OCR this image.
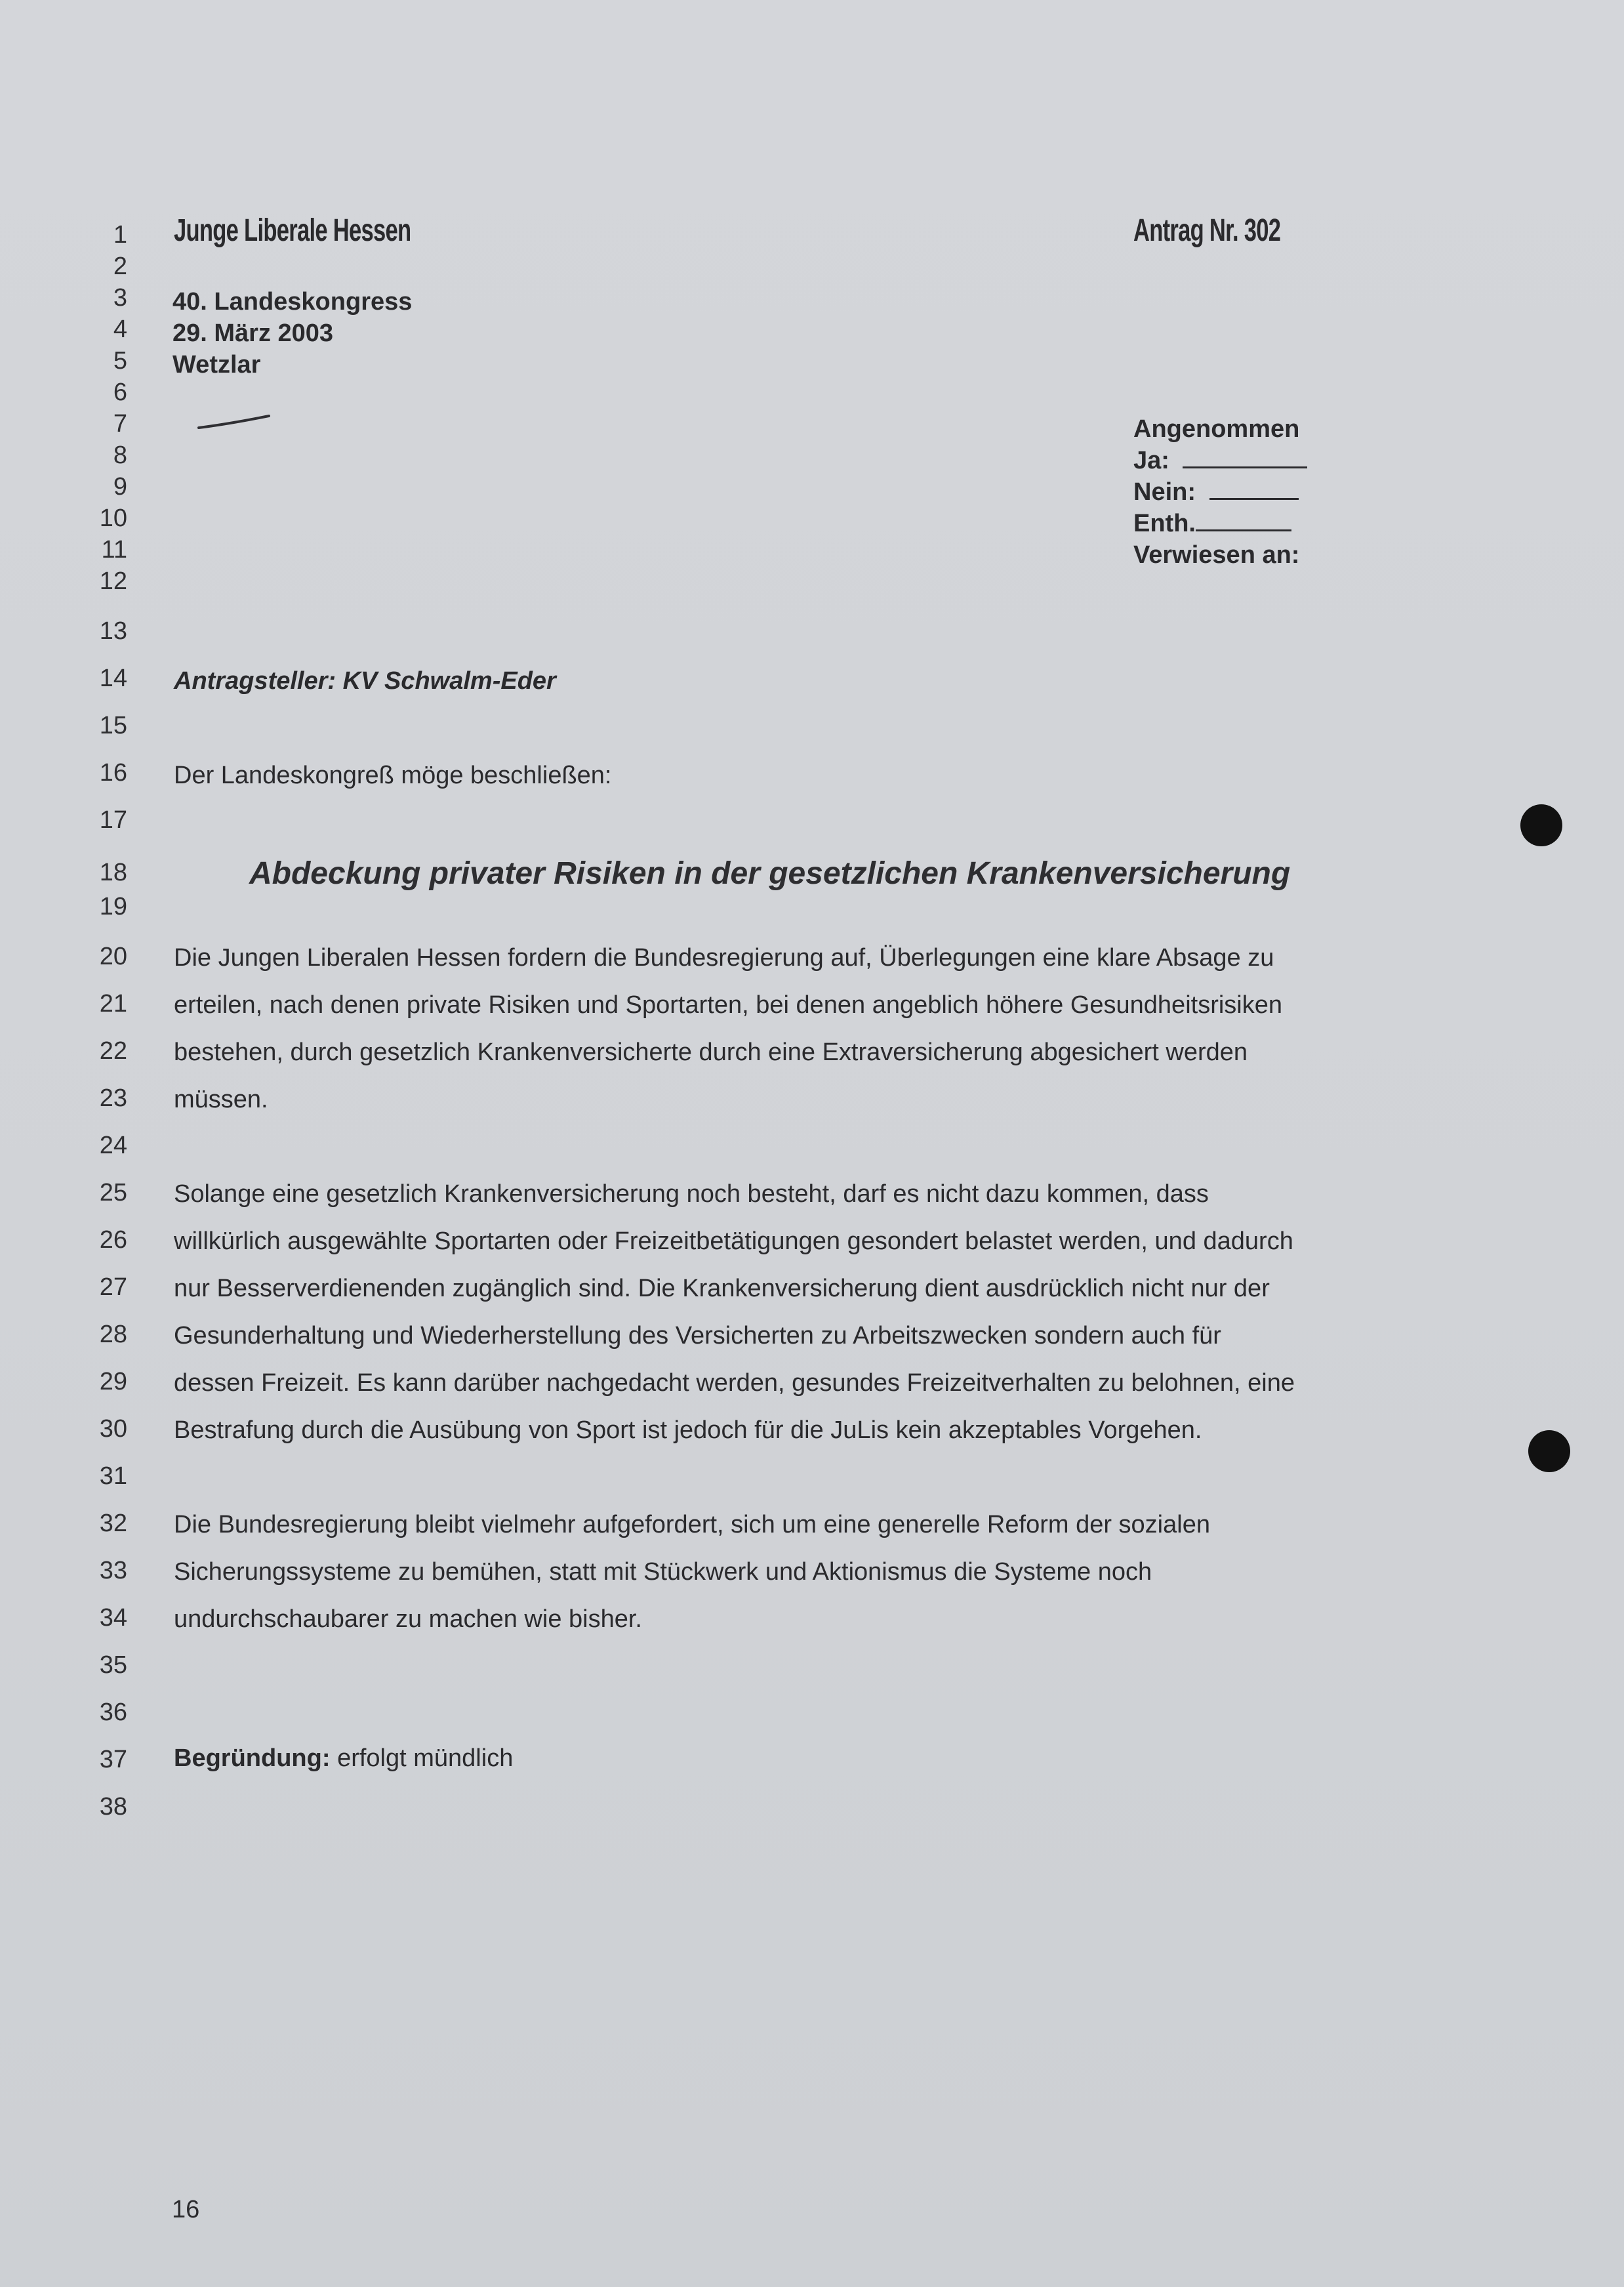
1
2
3
4
5
6
7
8
9
10
11
12
13
14
15
16
17
18
19
20
21
22
23
24
25
26
27
28
29
30
31
32
33
34
35
36
37
38
Junge Liberale Hessen	Antrag Nr. 302
40. Landeskongress
29. März 2003
Wetzlar
Angenommen
Ja:
Nein:
Enth.
Verwiesen an:
Antragsteller: KV Schwalm-Eder
Der Landeskongreß möge beschließen:
Abdeckung privater Risiken in der gesetzlichen Krankenversicherung
Die Jungen Liberalen Hessen fordern die Bundesregierung auf, Überlegungen eine klare Absage zu
erteilen, nach denen private Risiken und Sportarten, bei denen angeblich höhere Gesundheitsrisiken
bestehen, durch gesetzlich Krankenversicherte durch eine Extraversicherung abgesichert werden
müssen.
Solange eine gesetzlich Krankenversicherung noch besteht, darf es nicht dazu kommen, dass
willkürlich ausgewählte Sportarten oder Freizeitbetätigungen gesondert belastet werden, und dadurch
nur Besserverdienenden zugänglich sind. Die Krankenversicherung dient ausdrücklich nicht nur der
Gesunderhaltung und Wiederherstellung des Versicherten zu Arbeitszwecken sondern auch für
dessen Freizeit. Es kann darüber nachgedacht werden, gesundes Freizeitverhalten zu belohnen, eine
Bestrafung durch die Ausübung von Sport ist jedoch für die JuLis kein akzeptables Vorgehen.
Die Bundesregierung bleibt vielmehr aufgefordert, sich um eine generelle Reform der sozialen
Sicherungssysteme zu bemühen, statt mit Stückwerk und Aktionismus die Systeme noch
undurchschaubarer zu machen wie bisher.
Begründung: erfolgt mündlich
16
